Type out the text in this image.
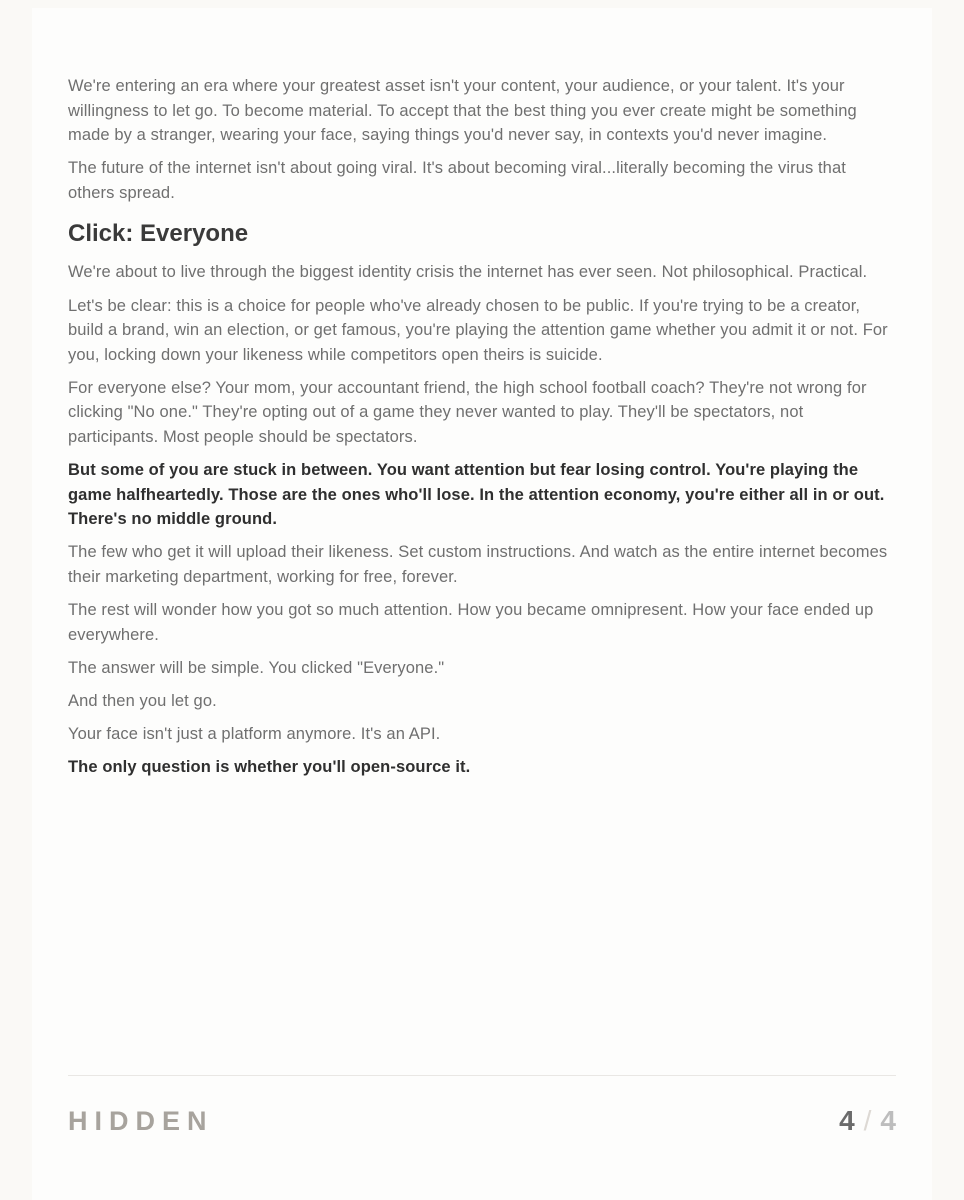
We're entering an era where your greatest asset isn't your content, your audience, or your talent. It's your willingness to let go. To become material. To accept that the best thing you ever create might be something made by a stranger, wearing your face, saying things you'd never say, in contexts you'd never imagine.

The future of the internet isn't about going viral. It's about becoming viral...literally becoming the virus that others spread.

Click: Everyone

We're about to live through the biggest identity crisis the internet has ever seen. Not philosophical. Practical.

Let's be clear: this is a choice for people who've already chosen to be public. If you're trying to be a creator, build a brand, win an election, or get famous, you're playing the attention game whether you admit it or not. For you, locking down your likeness while competitors open theirs is suicide.

For everyone else? Your mom, your accountant friend, the high school football coach? They're not wrong for clicking "No one." They're opting out of a game they never wanted to play. They'll be spectators, not participants. Most people should be spectators.

But some of you are stuck in between. You want attention but fear losing control. You're playing the game halfheartedly. Those are the ones who'll lose. In the attention economy, you're either all in or out. There's no middle ground.

The few who get it will upload their likeness. Set custom instructions. And watch as the entire internet becomes their marketing department, working for free, forever.

The rest will wonder how you got so much attention. How you became omnipresent. How your face ended up everywhere.

The answer will be simple. You clicked "Everyone."

And then you let go.

Your face isn't just a platform anymore. It's an API.

The only question is whether you'll open-source it.

HIDDEN	4 / 4
